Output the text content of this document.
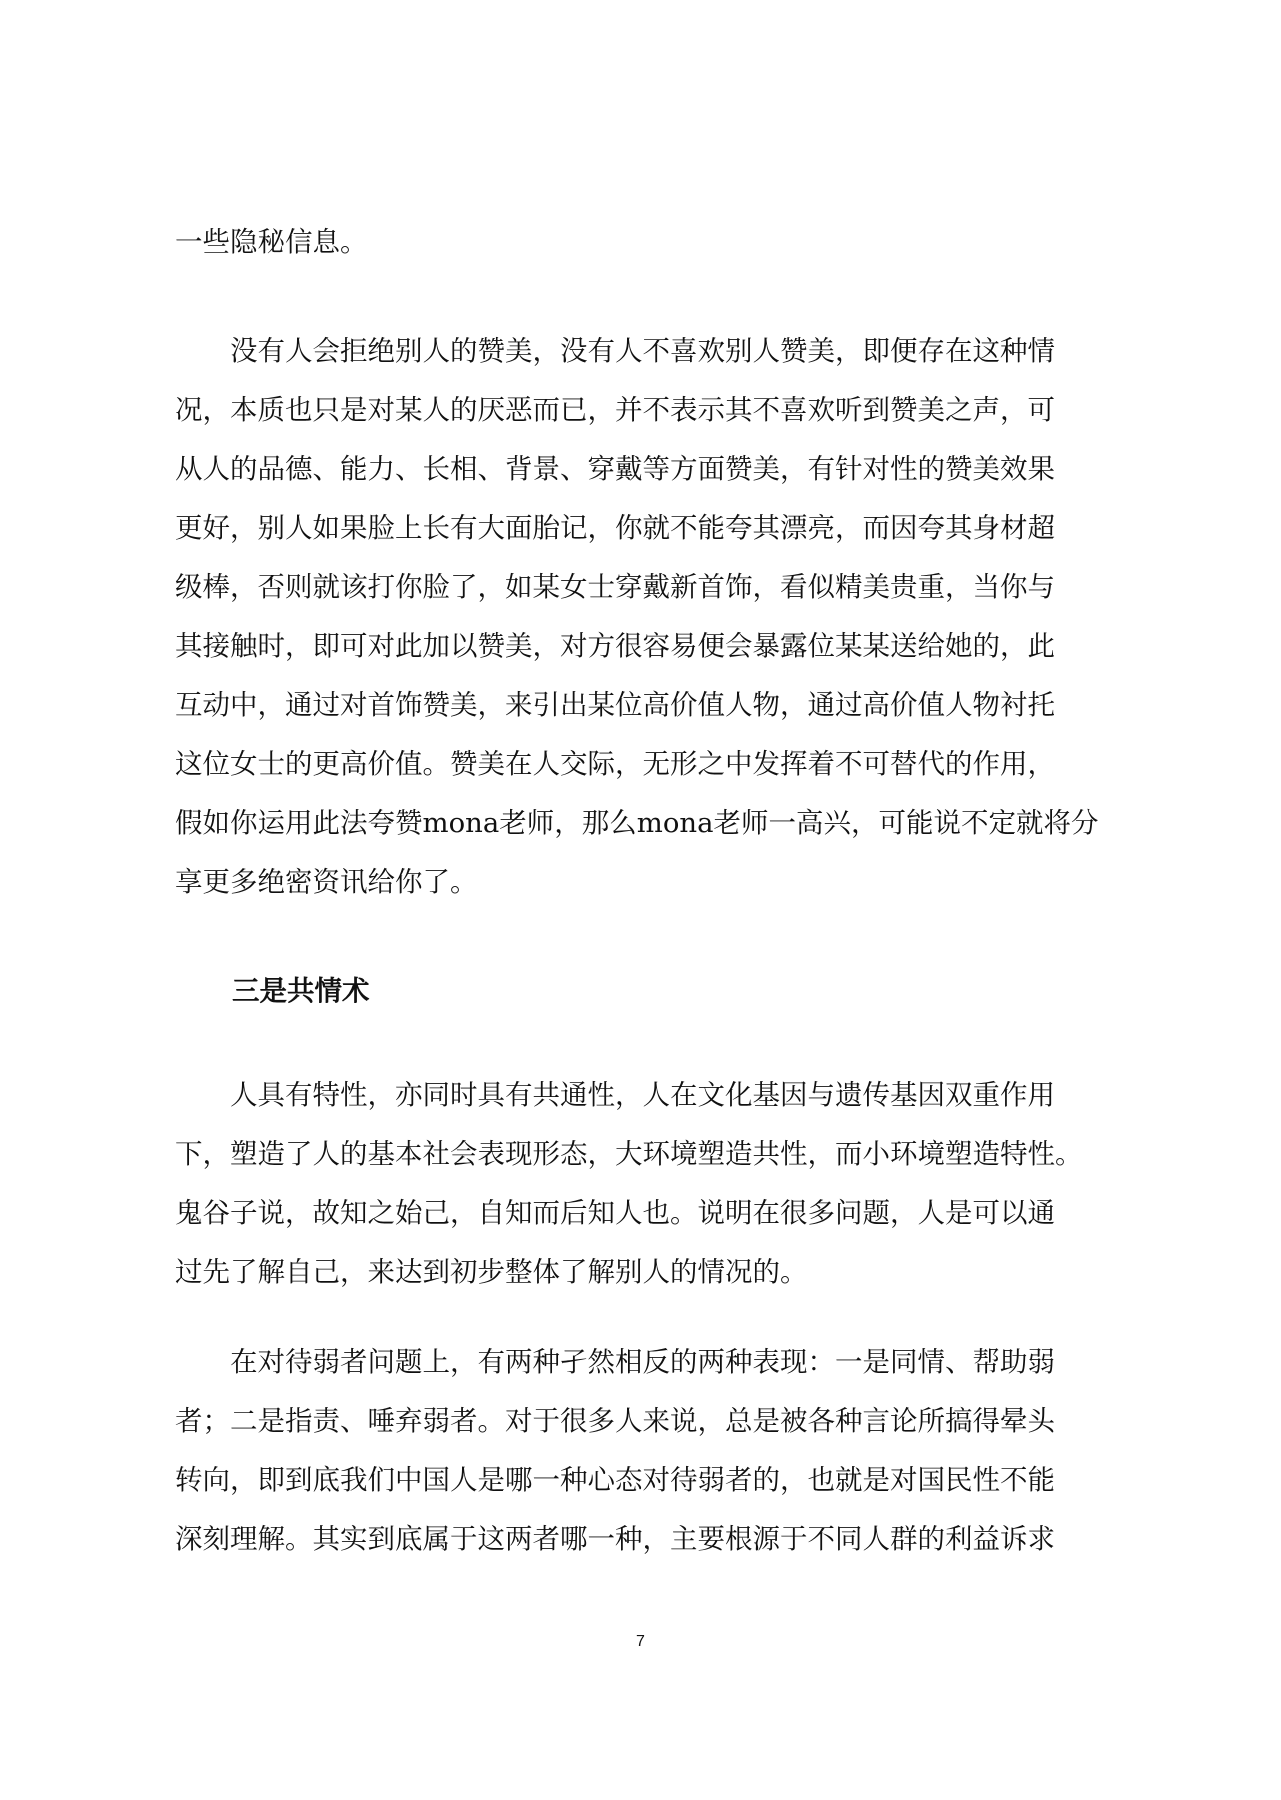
一些隐秘信息。
　　没有人会拒绝别人的赞美，没有人不喜欢别人赞美，即便存在这种情
况，本质也只是对某人的厌恶而已，并不表示其不喜欢听到赞美之声，可
从人的品德、能力、长相、背景、穿戴等方面赞美，有针对性的赞美效果
更好，别人如果脸上长有大面胎记，你就不能夸其漂亮，而因夸其身材超
级棒，否则就该打你脸了，如某女士穿戴新首饰，看似精美贵重，当你与
其接触时，即可对此加以赞美，对方很容易便会暴露位某某送给她的，此
互动中，通过对首饰赞美，来引出某位高价值人物，通过高价值人物衬托
这位女士的更高价值。赞美在人交际，无形之中发挥着不可替代的作用，
假如你运用此法夸赞mona老师，那么mona老师一高兴，可能说不定就将分
享更多绝密资讯给你了。
三是共情术
　　人具有特性，亦同时具有共通性，人在文化基因与遗传基因双重作用
下，塑造了人的基本社会表现形态，大环境塑造共性，而小环境塑造特性。
鬼谷子说，故知之始己，自知而后知人也。说明在很多问题，人是可以通
过先了解自己，来达到初步整体了解别人的情况的。
　　在对待弱者问题上，有两种孑然相反的两种表现：一是同情、帮助弱
者；二是指责、唾弃弱者。对于很多人来说，总是被各种言论所搞得晕头
转向，即到底我们中国人是哪一种心态对待弱者的，也就是对国民性不能
深刻理解。其实到底属于这两者哪一种，主要根源于不同人群的利益诉求
7
